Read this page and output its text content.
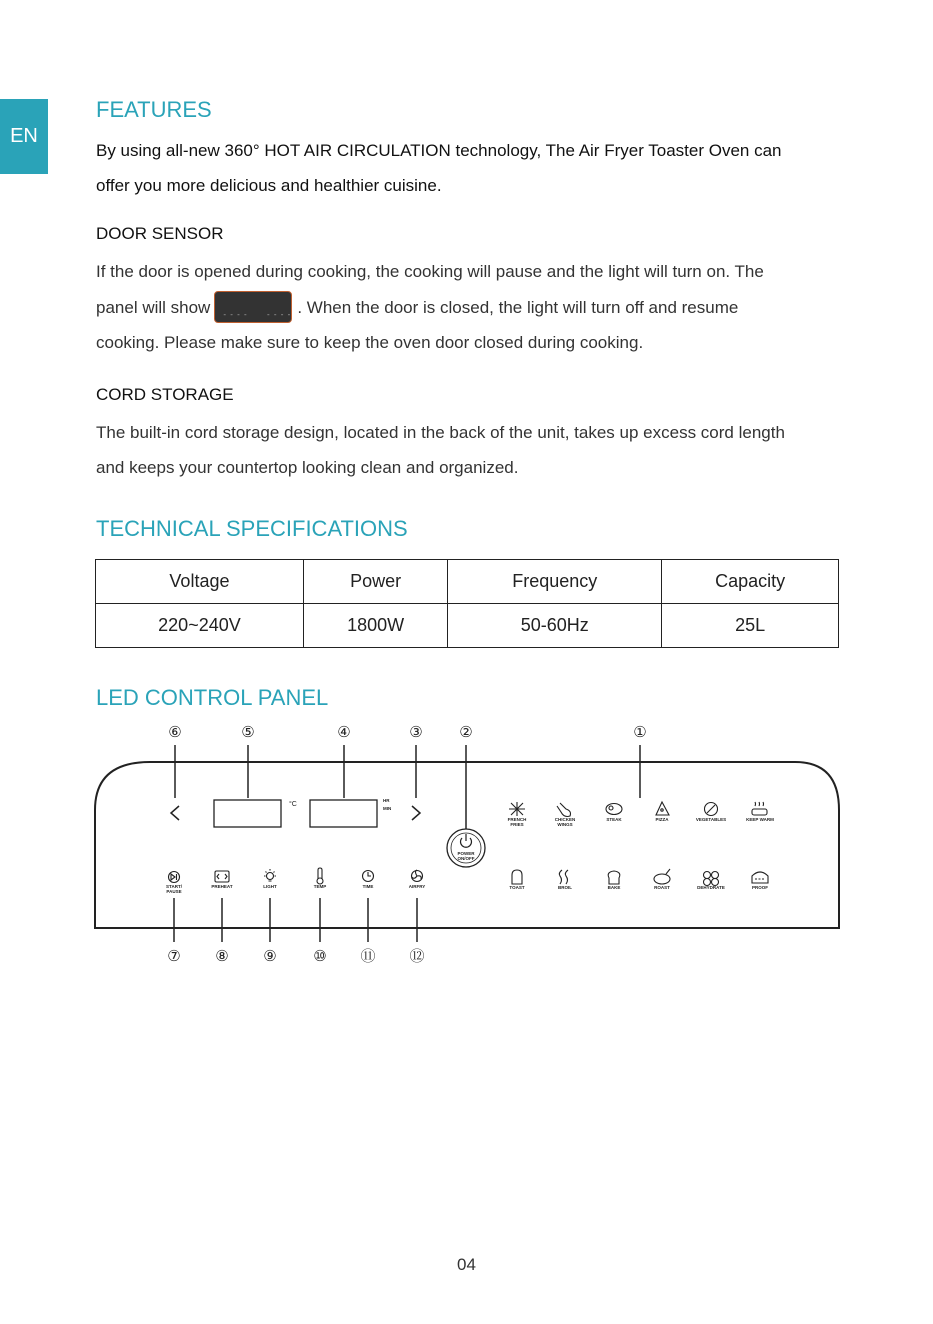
EN
FEATURES

By using all-new 360° HOT AIR CIRCULATION technology, The Air Fryer Toaster Oven can

offer you more delicious and healthier cuisine.

DOOR SENSOR

If the door is opened during cooking, the cooking will pause and the light will turn on. The

panel will show - - -	. When the door is closed, the light will turn off and resume

cooking. Please make sure to keep the oven door closed during cooking.

CORD STORAGE

The built-in cord storage design, located in the back of the unit, takes up excess cord length

and keeps your countertop looking clean and organized.

TECHNICAL SPECIFICATIONS
Voltage	Power	Frequency	Capacity
220~240V	1800W	50-60Hz	25L
LED CONTROL PANEL
⑥	⑤	④	③ ②	①
°C
HR
MIN
POWER
ON/OFF
FRENCH
FRIES
CHICKEN
WINGS
STEAK	PIZZA	VEGETABLES	KEEP WARM
TOAST	BROIL	BAKE	ROAST	DEHYDRATE	PROOF
START/
PAUSE
PREHEAT	LIGHT	TEMP	TIME	AIRFRY
⑦ ⑧ ⑨ ⑩ ⑪ ⑫
04
